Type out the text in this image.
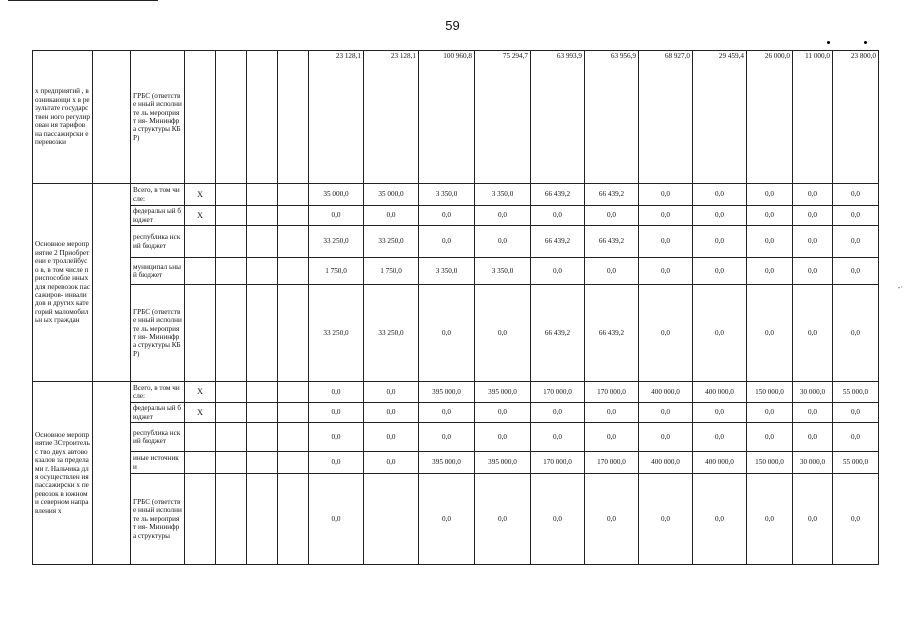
59
х предприятий , возникающи х в результате государствен ного регулирован ия тарифов на пассажирски е перевозки		ГРБС (ответстве нный исполните ль мероприят ия- Мининфра структуры КБР)					23 128,1	23 128,1	100 960,8	75 294,7	63 993,9	63 956,9	68 927,0	29 459,4	26 000,0	11 000,0	23 800,0
Основное мероприятие 2 Приобретени е троллейбусо в, в том числе приспособле нных для перевозок пассажиров- инвалидов и других категорий маломобильн ых граждан		Всего, в том числе:	Х				35 000,0	35 000,0	3 350,0	3 350,0	66 439,2	66 439,2	0,0	0,0	0,0	0,0	0,0
		федеральн ый бюджет	Х				0,0	0,0	0,0	0,0	0,0	0,0	0,0	0,0	0,0	0,0	0,0
		республика нский бюджет					33 250,0	33 250,0	0,0	0,0	66 439,2	66 439,2	0,0	0,0	0,0	0,0	0,0
		муниципал ьный бюджет					1 750,0	1 750,0	3 350,0	3 350,0	0,0	0,0	0,0	0,0	0,0	0,0	0,0
		ГРБС (ответстве нный исполните ль мероприят ия- Мининфра структуры КБР)					33 250,0	33 250,0	0,0	0,0	66 439,2	66 439,2	0,0	0,0	0,0	0,0	0,0
Основное мероприятие 3Строительс тво двух автовокзалов за пределами г. Нальчика для осуществлен ия пассажирски х перевозок в южном и северном направления х		Всего, в том числе:	Х				0,0	0,0	395 000,0	395 000,0	170 000,0	170 000,0	400 000,0	400 000,0	150 000,0	30 000,0	55 000,0
		федеральн ый бюджет	Х				0,0	0,0	0,0	0,0	0,0	0,0	0,0	0,0	0,0	0,0	0,0
		республика нский бюджет					0,0	0,0	0,0	0,0	0,0	0,0	0,0	0,0	0,0	0,0	0,0
		иные источники					0,0	0,0	395 000,0	395 000,0	170 000,0	170 000,0	400 000,0	400 000,0	150 000,0	30 000,0	55 000,0
		ГРБС (ответстве нный исполните ль мероприят ия- Мининфра структуры					0,0		0,0	0,0	0,0	0,0	0,0	0,0	0,0	0,0	0,0
-·
